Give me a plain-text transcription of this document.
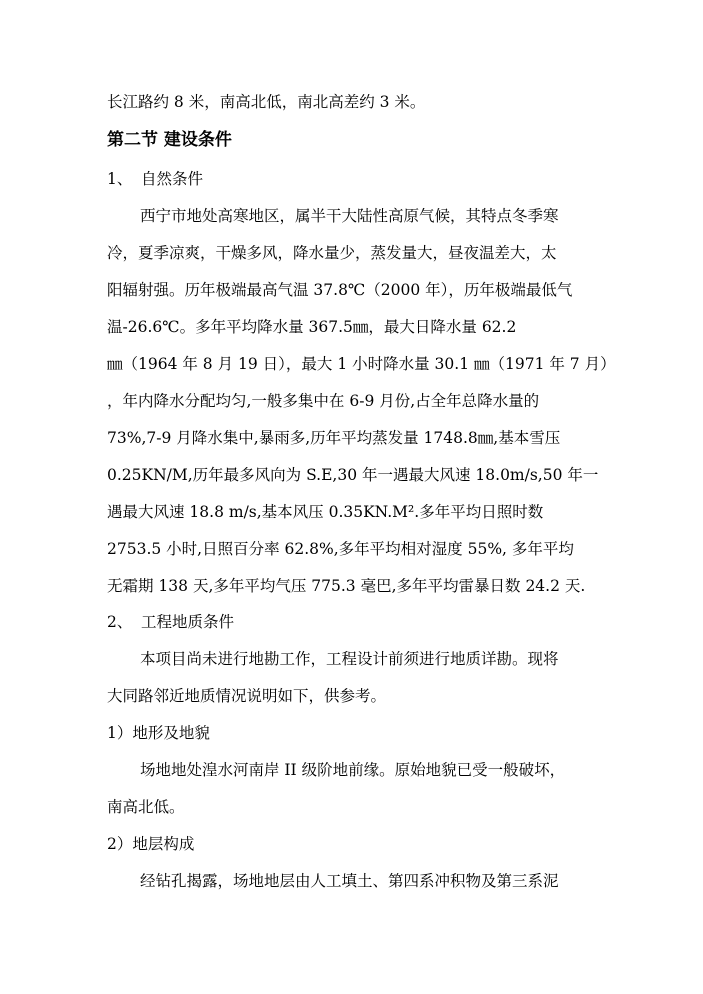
长江路约 8 米，南高北低，南北高差约 3 米。
第二节 建设条件
1、 自然条件
西宁市地处高寒地区，属半干大陆性高原气候，其特点冬季寒
冷，夏季凉爽，干燥多风，降水量少，蒸发量大，昼夜温差大，太
阳辐射强。历年极端最高气温 37.8℃（2000 年），历年极端最低气
温-26.6℃。多年平均降水量 367.5㎜，最大日降水量 62.2
㎜（1964 年 8 月 19 日），最大 1 小时降水量 30.1 ㎜（1971 年 7 月）
，年内降水分配均匀,一般多集中在 6-9 月份,占全年总降水量的
73%,7-9 月降水集中,暴雨多,历年平均蒸发量 1748.8㎜,基本雪压
0.25KN/M,历年最多风向为 S.E,30 年一遇最大风速 18.0m/s,50 年一
遇最大风速 18.8 m/s,基本风压 0.35KN.M².多年平均日照时数
2753.5 小时,日照百分率 62.8%,多年平均相对湿度 55%, 多年平均
无霜期 138 天,多年平均气压 775.3 毫巴,多年平均雷暴日数 24.2 天.
2、 工程地质条件
本项目尚未进行地勘工作，工程设计前须进行地质详勘。现将
大同路邻近地质情况说明如下，供参考。
1）地形及地貌
场地地处湟水河南岸 II 级阶地前缘。原始地貌已受一般破坏，
南高北低。
2）地层构成
经钻孔揭露，场地地层由人工填土、第四系冲积物及第三系泥
